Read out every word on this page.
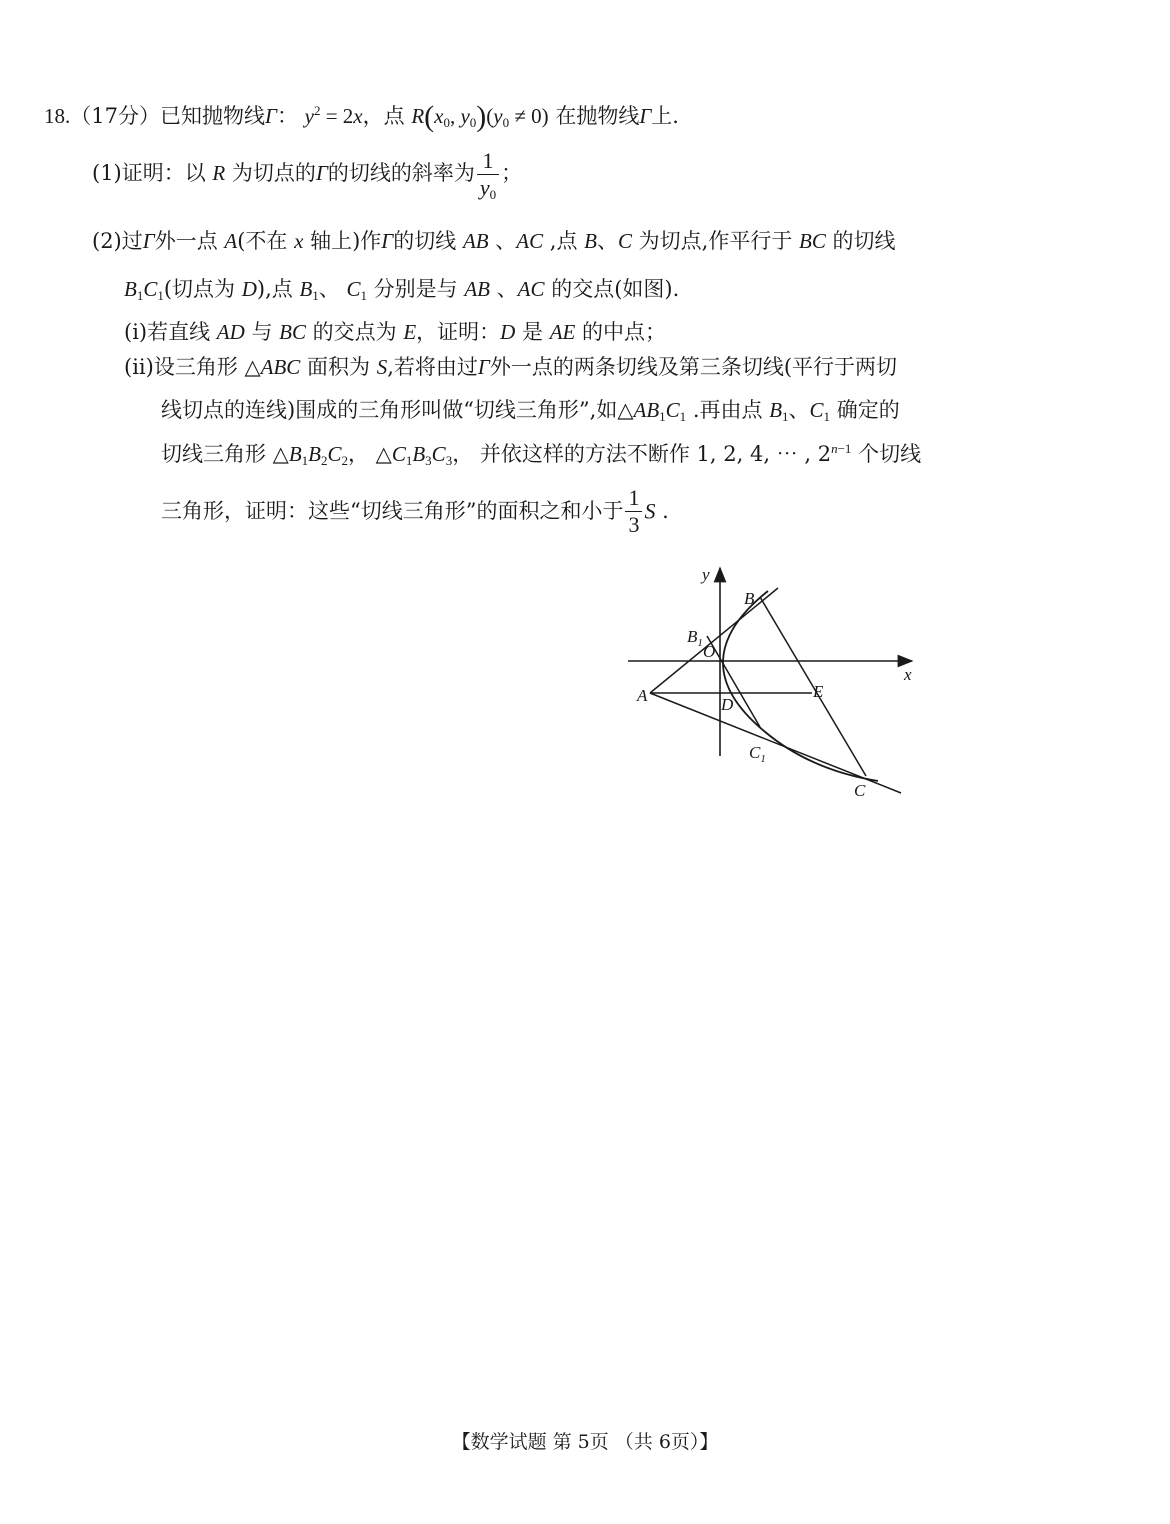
18.（17分）已知抛物线Γ： $y^2 = 2x$，点 $R(x_0$, $y_0)(y_0 \ne 0)$ 在抛物线Γ上.
(1)证明：以 R 为切点的Γ的切线的斜率为 $\frac{1}{y_0}$ ；
(2)过Γ外一点 A(不在 x 轴上)作Γ的切线 AB 、AC ,点 B、C 为切点,作平行于 BC 的切线
$B_1C_1$(切点为 D),点 $B_1$、 $C_1$ 分别是与 AB 、AC 的交点(如图).
(i)若直线 AD 与 BC 的交点为 E，证明：D 是 AE 的中点；
(ii)设三角形 △ABC 面积为 S,若将由过Γ外一点的两条切线及第三条切线(平行于两切
线切点的连线)围成的三角形叫做“切线三角形”,如$\triangle AB_1C_1$ .再由点 $B_1$、$C_1$ 确定的
切线三角形 $\triangle B_1B_2C_2$， $\triangle C_1B_3C_3$， 并依这样的方法不断作 1, 2, 4, ⋯ , $2^{n-1}$ 个切线
三角形，证明：这些“切线三角形”的面积之和小于 $\frac{1}{3}$ S .
y
x
O
A
B
$B_1$
D
E
$C_1$
C
【数学试题 第 5页 （共 6页）】
